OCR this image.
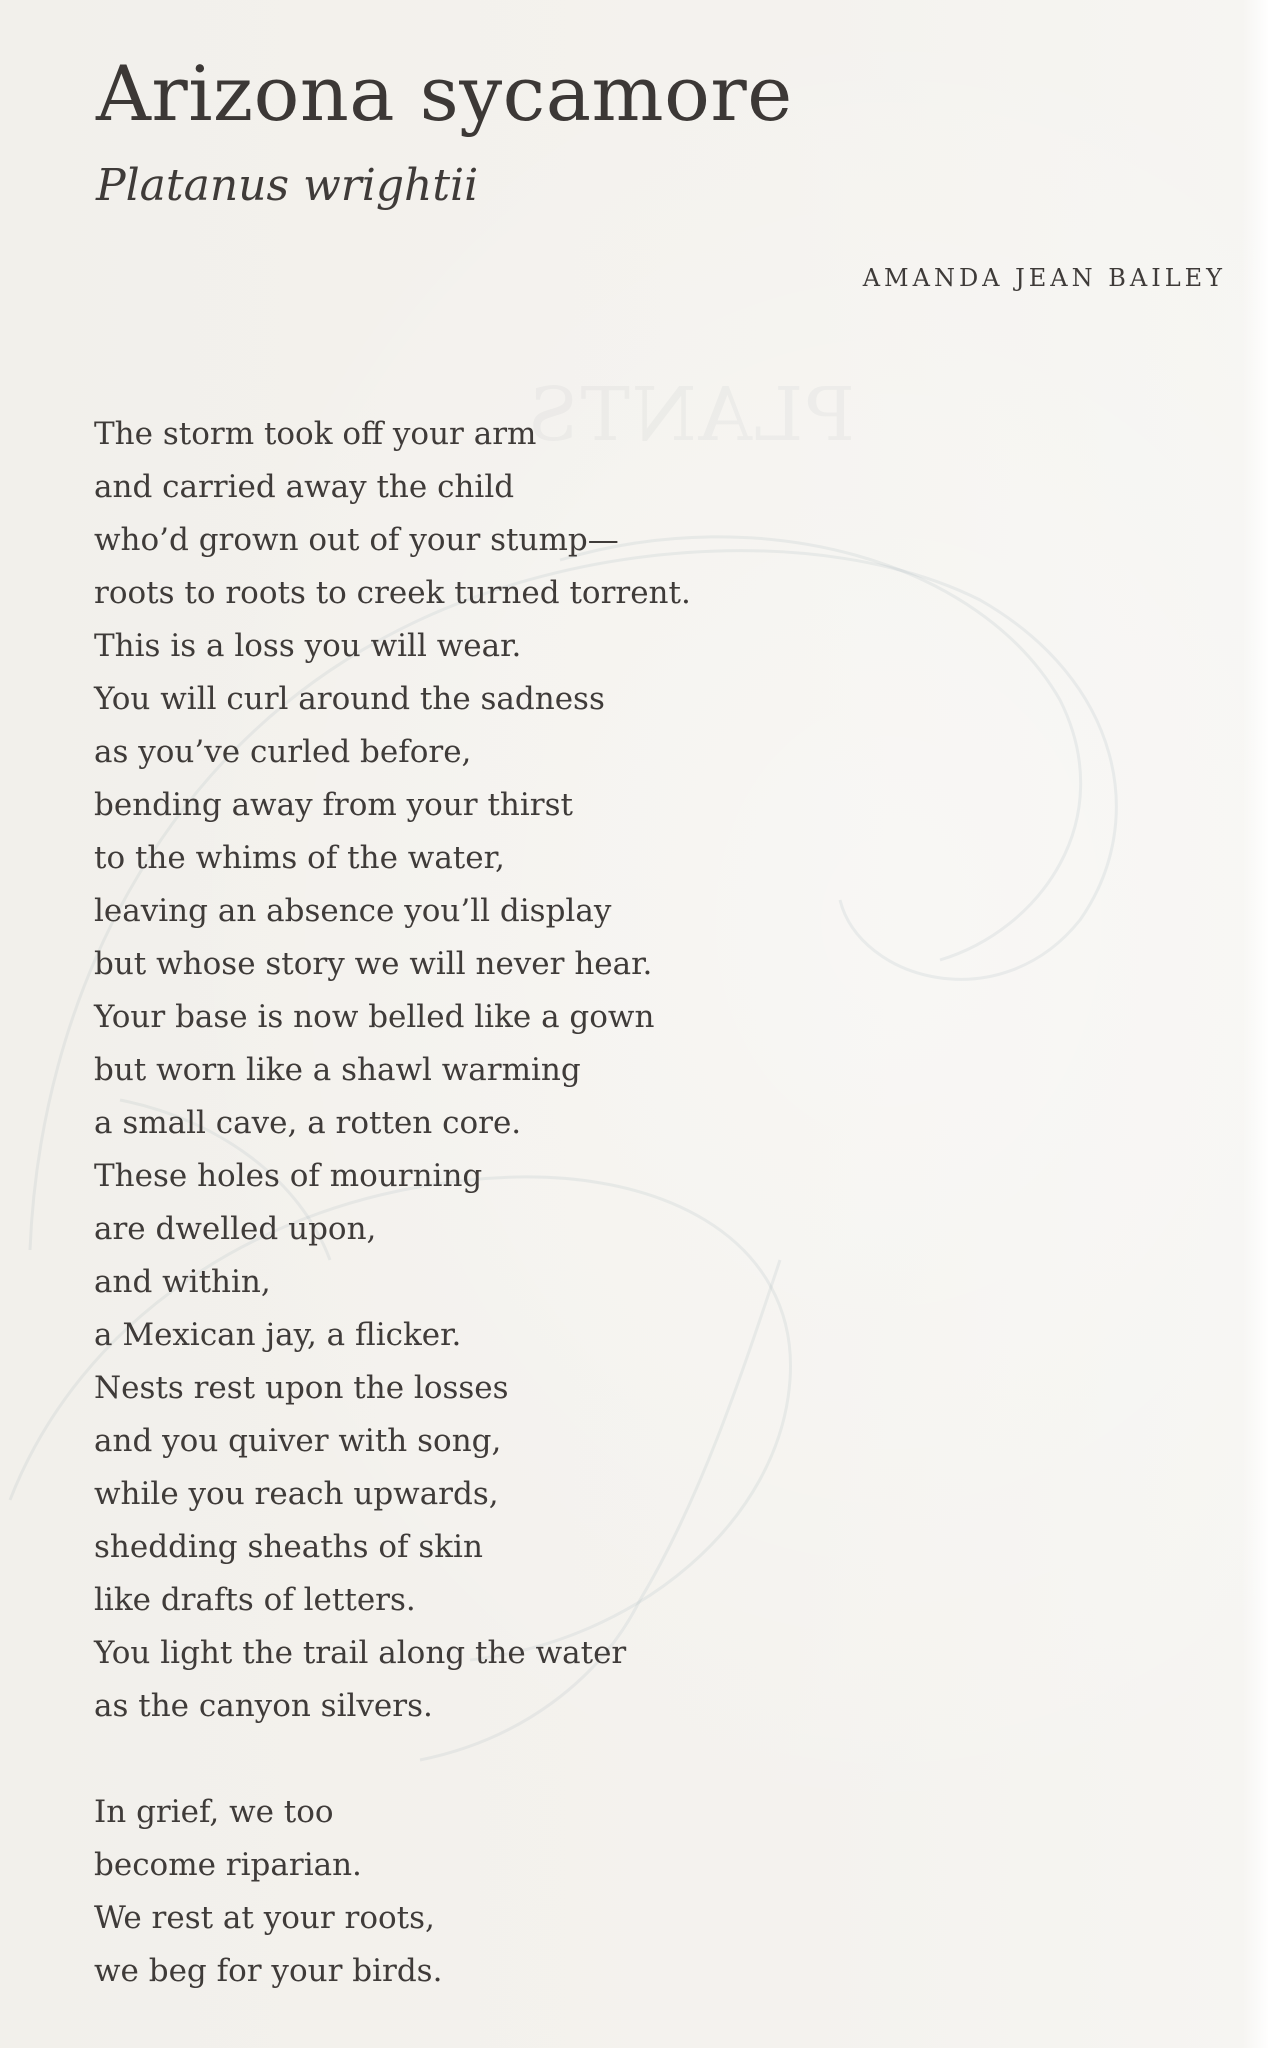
PLANTS
Arizona sycamore
Platanus wrightii
AMANDA JEAN BAILEY
The storm took off your arm
and carried away the child
who’d grown out of your stump—
roots to roots to creek turned torrent.
This is a loss you will wear.
You will curl around the sadness
as you’ve curled before,
bending away from your thirst
to the whims of the water,
leaving an absence you’ll display
but whose story we will never hear.
Your base is now belled like a gown
but worn like a shawl warming
a small cave, a rotten core.
These holes of mourning
are dwelled upon,
and within,
a Mexican jay, a flicker.
Nests rest upon the losses
and you quiver with song,
while you reach upwards,
shedding sheaths of skin
like drafts of letters.
You light the trail along the water
as the canyon silvers.
In grief, we too
become riparian.
We rest at your roots,
we beg for your birds.
